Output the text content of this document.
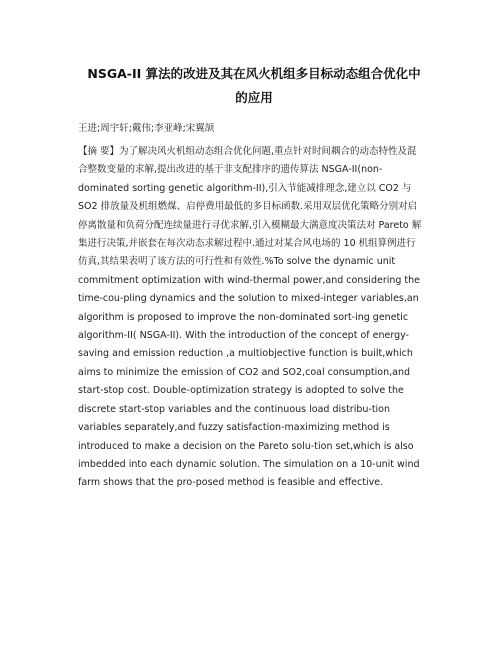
NSGA-II 算法的改进及其在风火机组多目标动态组合优化中
的应用
王进;周宇轩;戴伟;李亚峰;宋翼颉
【摘 要】为了解决风火机组动态组合优化问题,重点针对时间耦合的动态特性及混
合整数变量的求解,提出改进的基于非支配排序的遗传算法 NSGA-II(non-
dominated sorting genetic algorithm-II),引入节能减排理念,建立以 CO2 与
SO2 排放量及机组燃煤、启停费用最低的多目标函数.采用双层优化策略分别对启
停离散量和负荷分配连续量进行寻优求解,引入模糊最大满意度决策法对 Pareto 解
集进行决策,并嵌套在每次动态求解过程中.通过对某合风电场的 10 机组算例进行
仿真,其结果表明了该方法的可行性和有效性.%To solve the dynamic unit
commitment optimization with wind-thermal power,and considering the
time-cou-pling dynamics and the solution to mixed-integer variables,an
algorithm is proposed to improve the non-dominated sort-ing genetic
algorithm-II( NSGA-II). With the introduction of the concept of energy-
saving and emission reduction ,a multiobjective function is built,which
aims to minimize the emission of CO2 and SO2,coal consumption,and
start-stop cost. Double-optimization strategy is adopted to solve the
discrete start-stop variables and the continuous load distribu-tion
variables separately,and fuzzy satisfaction-maximizing method is
introduced to make a decision on the Pareto solu-tion set,which is also
imbedded into each dynamic solution. The simulation on a 10-unit wind
farm shows that the pro-posed method is feasible and effective.
